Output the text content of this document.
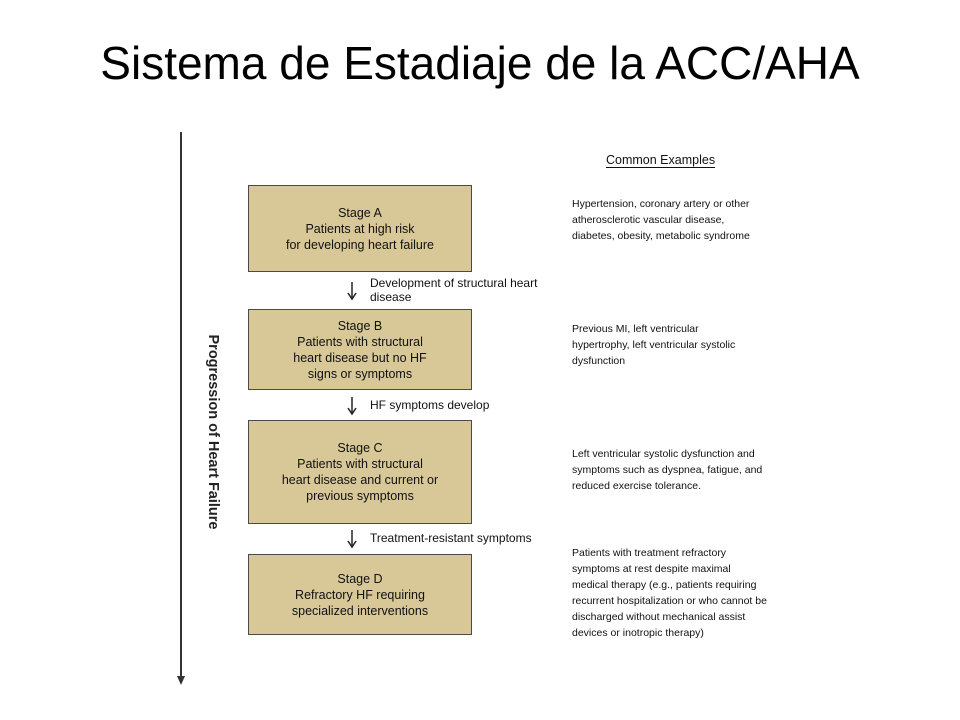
Sistema de Estadiaje de la ACC/AHA
Progression of Heart Failure
Stage A
Patients at high risk
for developing heart failure
Stage B
Patients with structural
heart disease but no HF
signs or symptoms
Stage C
Patients with structural
heart disease and current or
previous symptoms
Stage D
Refractory HF requiring
specialized interventions
Development of structural heart
disease
HF symptoms develop
Treatment-resistant symptoms
Common Examples
Hypertension, coronary artery or other
atherosclerotic vascular disease,
diabetes, obesity, metabolic syndrome
Previous MI, left ventricular
hypertrophy, left ventricular systolic
dysfunction
Left ventricular systolic dysfunction and
symptoms such as dyspnea, fatigue, and
reduced exercise tolerance.
Patients with treatment refractory
symptoms at rest despite maximal
medical therapy (e.g., patients requiring
recurrent hospitalization or who cannot be
discharged without mechanical assist
devices or inotropic therapy)
